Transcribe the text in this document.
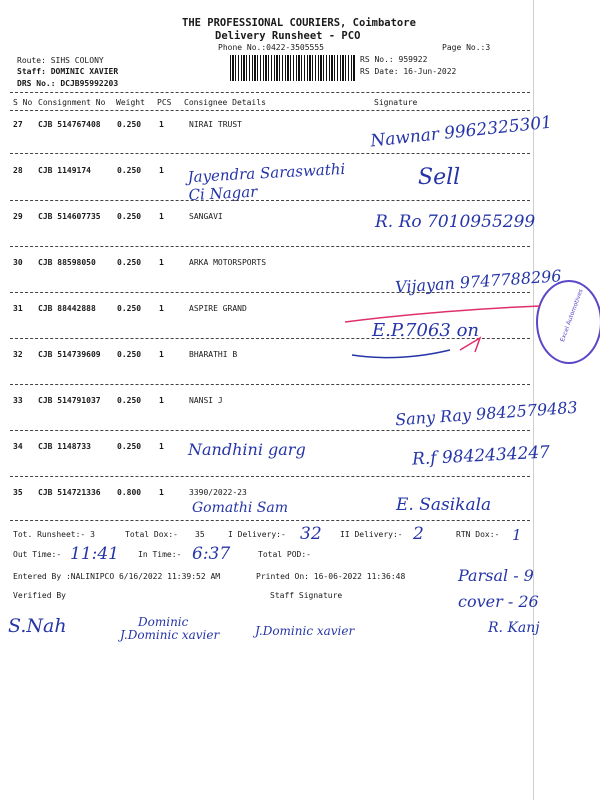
THE PROFESSIONAL COURIERS, Coimbatore
Delivery Runsheet - PCO
Phone No.:0422-3505555	Page No.:3
Route: SIHS COLONY
Staff: DOMINIC XAVIER
DRS No.: DCJB95992203
RS No.: 959922
RS Date: 16-Jun-2022
S No Consignment No Weight PCS Consignee Details	Signature
27 CJB 514767408 0.250 1	NIRAI TRUST	Nawnar 9962325301
28 CJB 1149174	0.250 1 Jayendra Saraswathi
Ci Nagar
Sell
29 CJB 514607735 0.250 1	SANGAVI	R. Ro 7010955299
30 CJB 88598050	0.250 1	ARKA MOTORSPORTS
Vijayan 9747788296
31 CJB 88442888	0.250 1	ASPIRE GRAND
E.P.7063 on
32 CJB 514739609 0.250 1	BHARATHI B
33 CJB 514791037 0.250 1	NANSI J	Sany Ray 9842579483
34 CJB 1148733	0.250 1 Nandhini garg	R.f 9842434247
35 CJB 514721336 0.800 1	3390/2022-23
Gomathi Sam	E. Sasikala
Excel Automotives
Tot. Runsheet:- 3	Total Dox:- 35	I Delivery:- 32 II Delivery:- 2	RTN Dox:- 1
Out Time:- 11:41 In Time:- 6:37	Total POD:-
Entered By :NALINIPCO 6/16/2022 11:39:52 AM	Printed On: 16-06-2022 11:36:48
Verified By	Staff Signature
Parsal - 9
cover - 26
R. Kanj
S.Nah	Dominic
J.Dominic xavier	J.Dominic xavier
